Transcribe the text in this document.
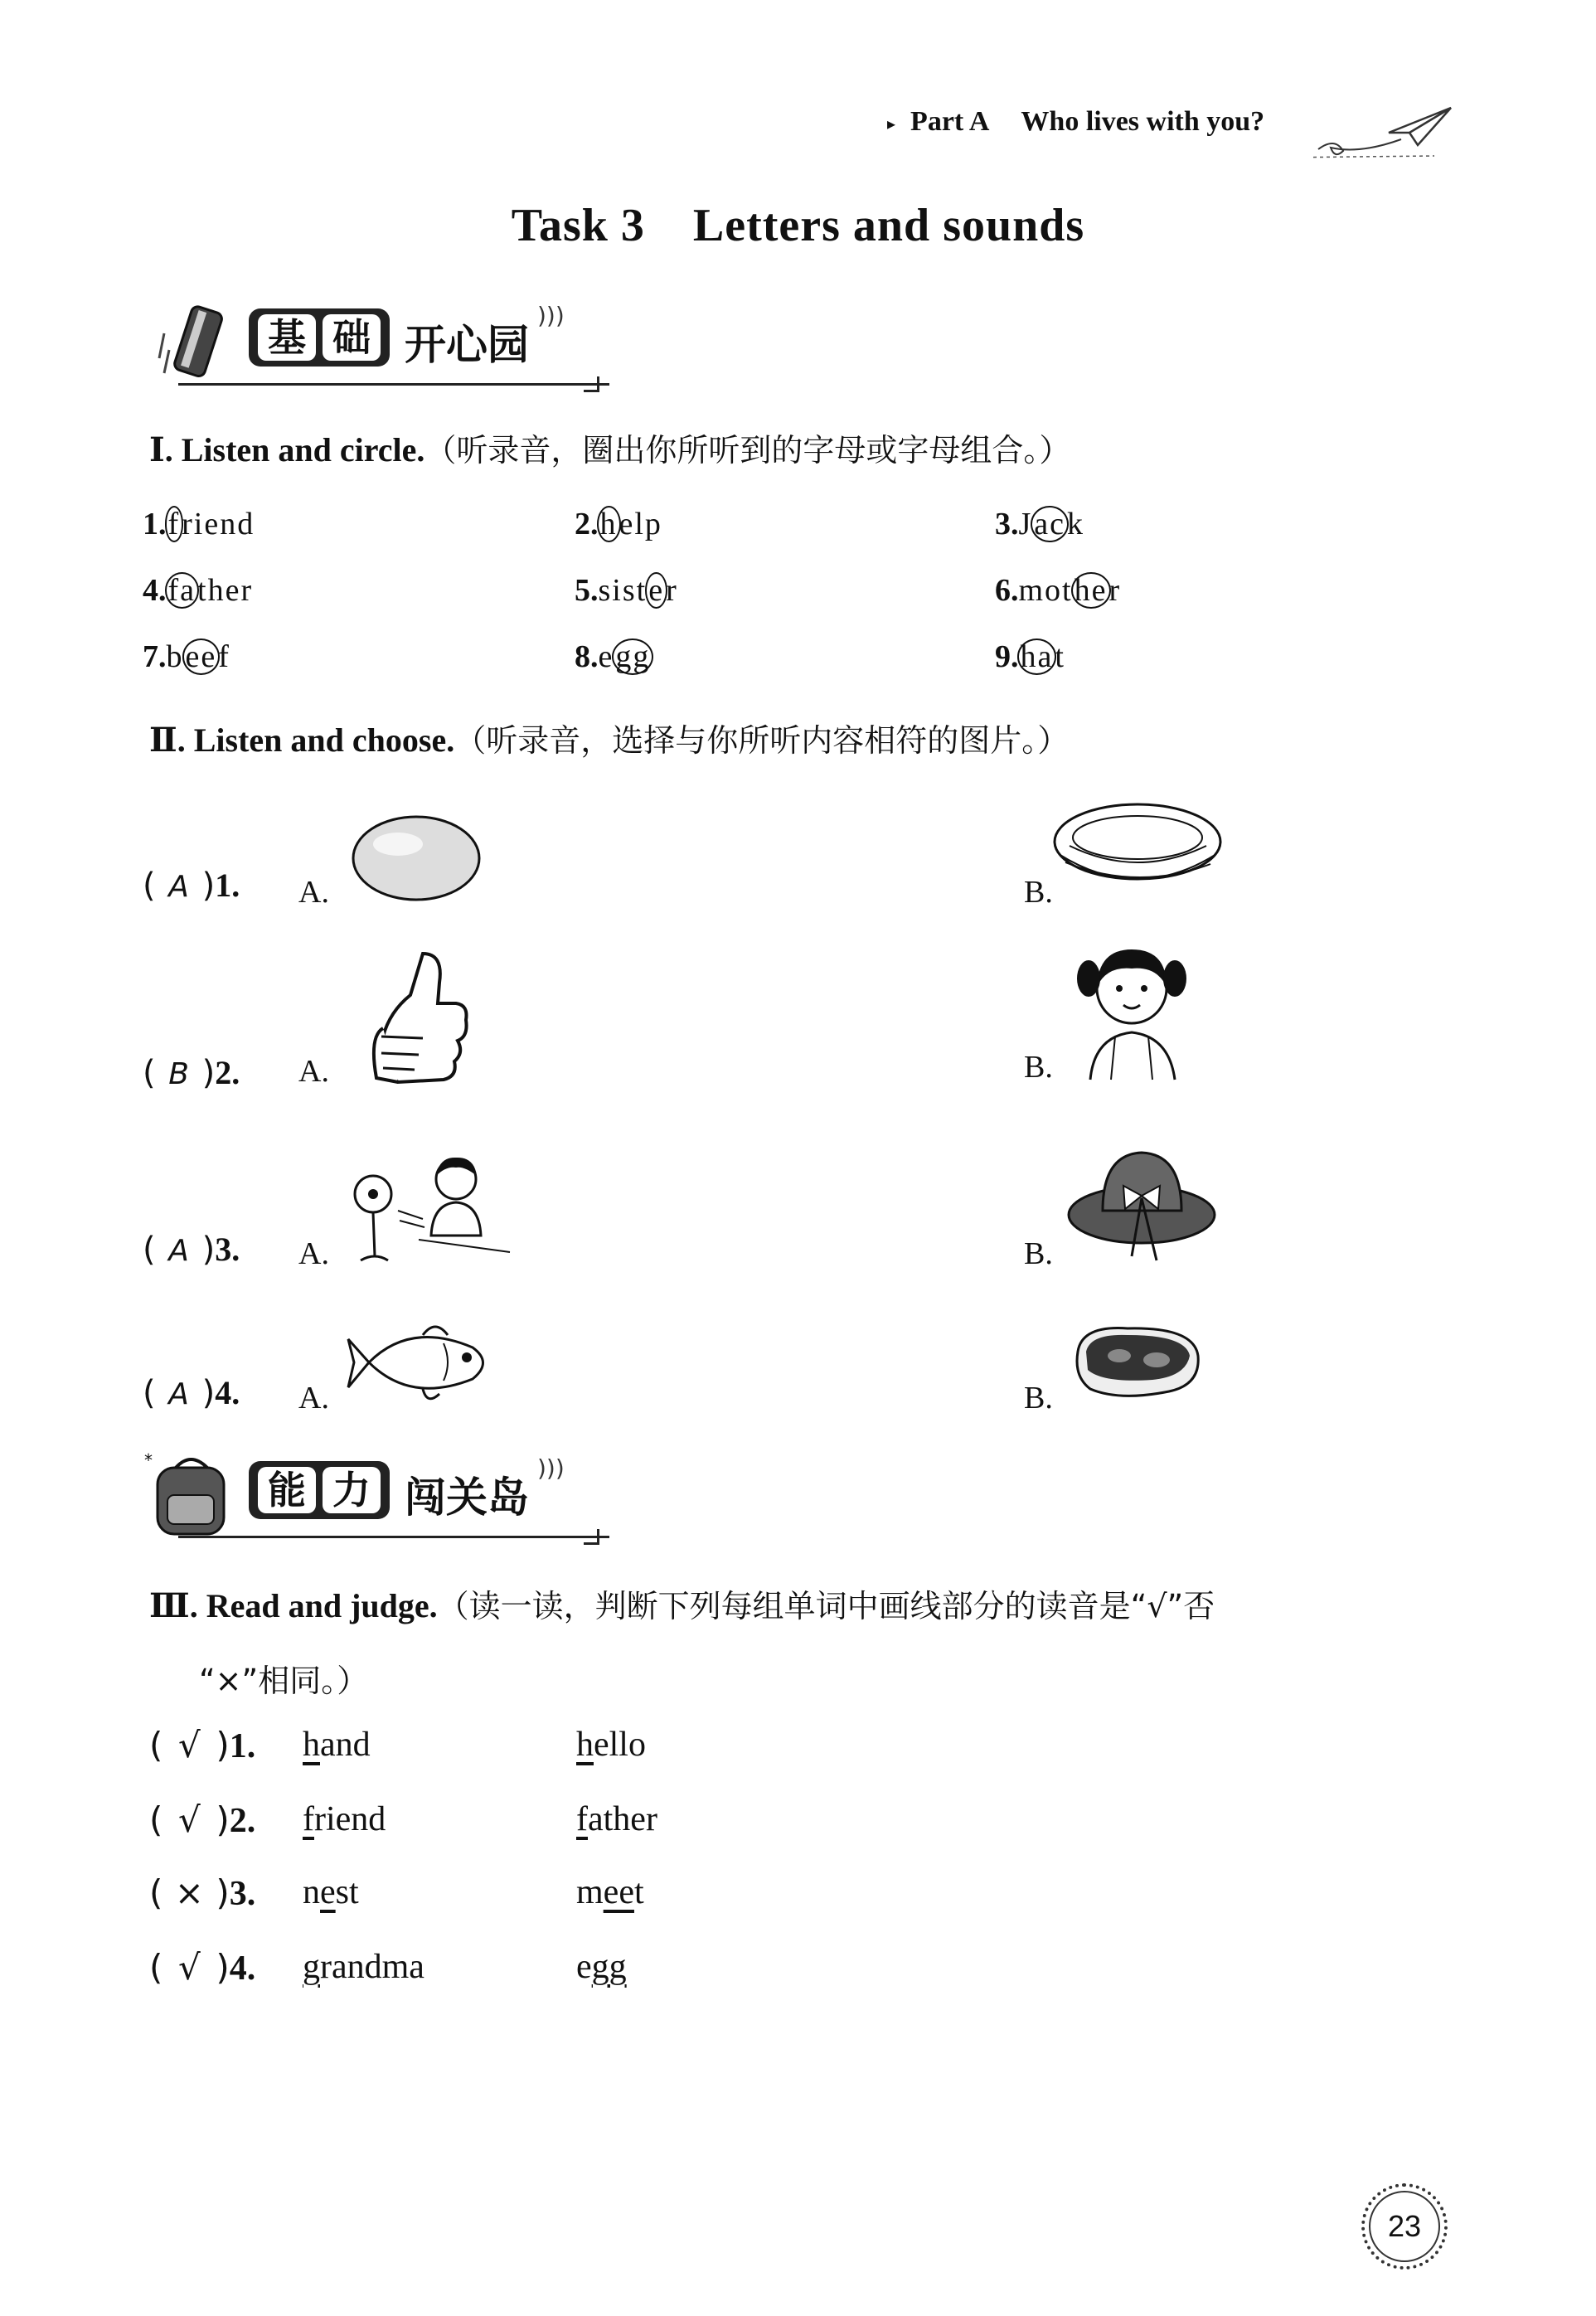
▸ Part A Who lives with you?
Task 3 Letters and sounds
基 础 开心园
)))
Ⅰ. Listen and circle.（听录音，圈出你所听到的字母或字母组合。）
1.friend	2.help	3.Jack
4.father	5.sister	6.mother
7.beef	8.egg	9.hat
Ⅱ. Listen and choose.（听录音，选择与你所听内容相符的图片。）
( A )1. A.	B.
( B )2. A.	B.
( A )3. A.	B.
( A )4. A.	B.
*
能 力 闯关岛
)))
Ⅲ. Read and judge.（读一读，判断下列每组单词中画线部分的读音是“√”否
“×”相同。）
( √ )1. hand	hello
( √ )2. friend	father
( × )3. nest	meet
( √ )4. grandma	egg
23
